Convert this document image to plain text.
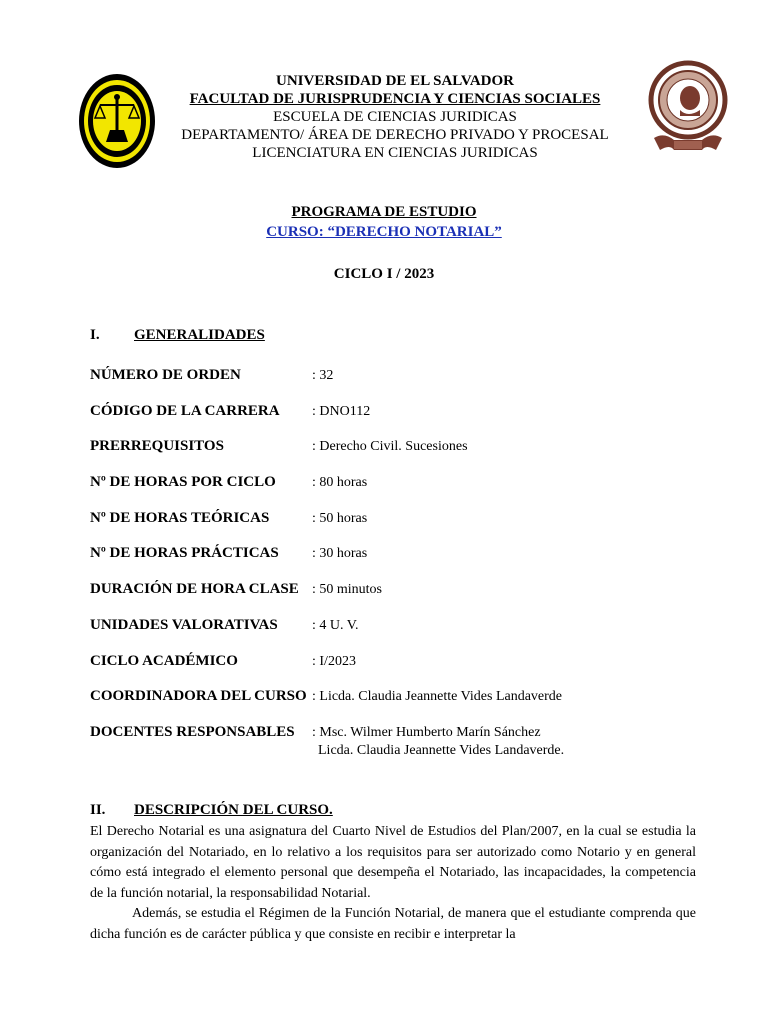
UNIVERSIDAD DE EL SALVADOR
FACULTAD DE JURISPRUDENCIA Y CIENCIAS SOCIALES
ESCUELA DE CIENCIAS JURIDICAS
DEPARTAMENTO/ ÁREA DE DERECHO PRIVADO Y PROCESAL
LICENCIATURA EN CIENCIAS JURIDICAS
PROGRAMA DE ESTUDIO
CURSO: “DERECHO NOTARIAL”
CICLO I / 2023
I. GENERALIDADES
NÚMERO DE ORDEN	: 32
CÓDIGO DE LA CARRERA : DNO112
PRERREQUISITOS	: Derecho Civil. Sucesiones
Nº DE HORAS POR CICLO	: 80 horas
Nº DE HORAS TEÓRICAS	: 50 horas
Nº DE HORAS PRÁCTICAS : 30 horas
DURACIÓN DE HORA CLASE : 50 minutos
UNIDADES VALORATIVAS : 4 U. V.
CICLO ACADÉMICO	: I/2023
COORDINADORA DEL CURSO : Licda. Claudia Jeannette Vides Landaverde
DOCENTES RESPONSABLES : Msc. Wilmer Humberto Marín Sánchez
Licda. Claudia Jeannette Vides Landaverde.
II. DESCRIPCIÓN DEL CURSO.
El Derecho Notarial es una asignatura del Cuarto Nivel de Estudios del Plan/2007, en la cual se estudia la organización del Notariado, en lo relativo a los requisitos para ser autorizado como Notario y en general cómo está integrado el elemento personal que desempeña el Notariado, las incapacidades, la competencia de la función notarial, la responsabilidad Notarial.
Además, se estudia el Régimen de la Función Notarial, de manera que el estudiante comprenda que dicha función es de carácter pública y que consiste en recibir e interpretar la
